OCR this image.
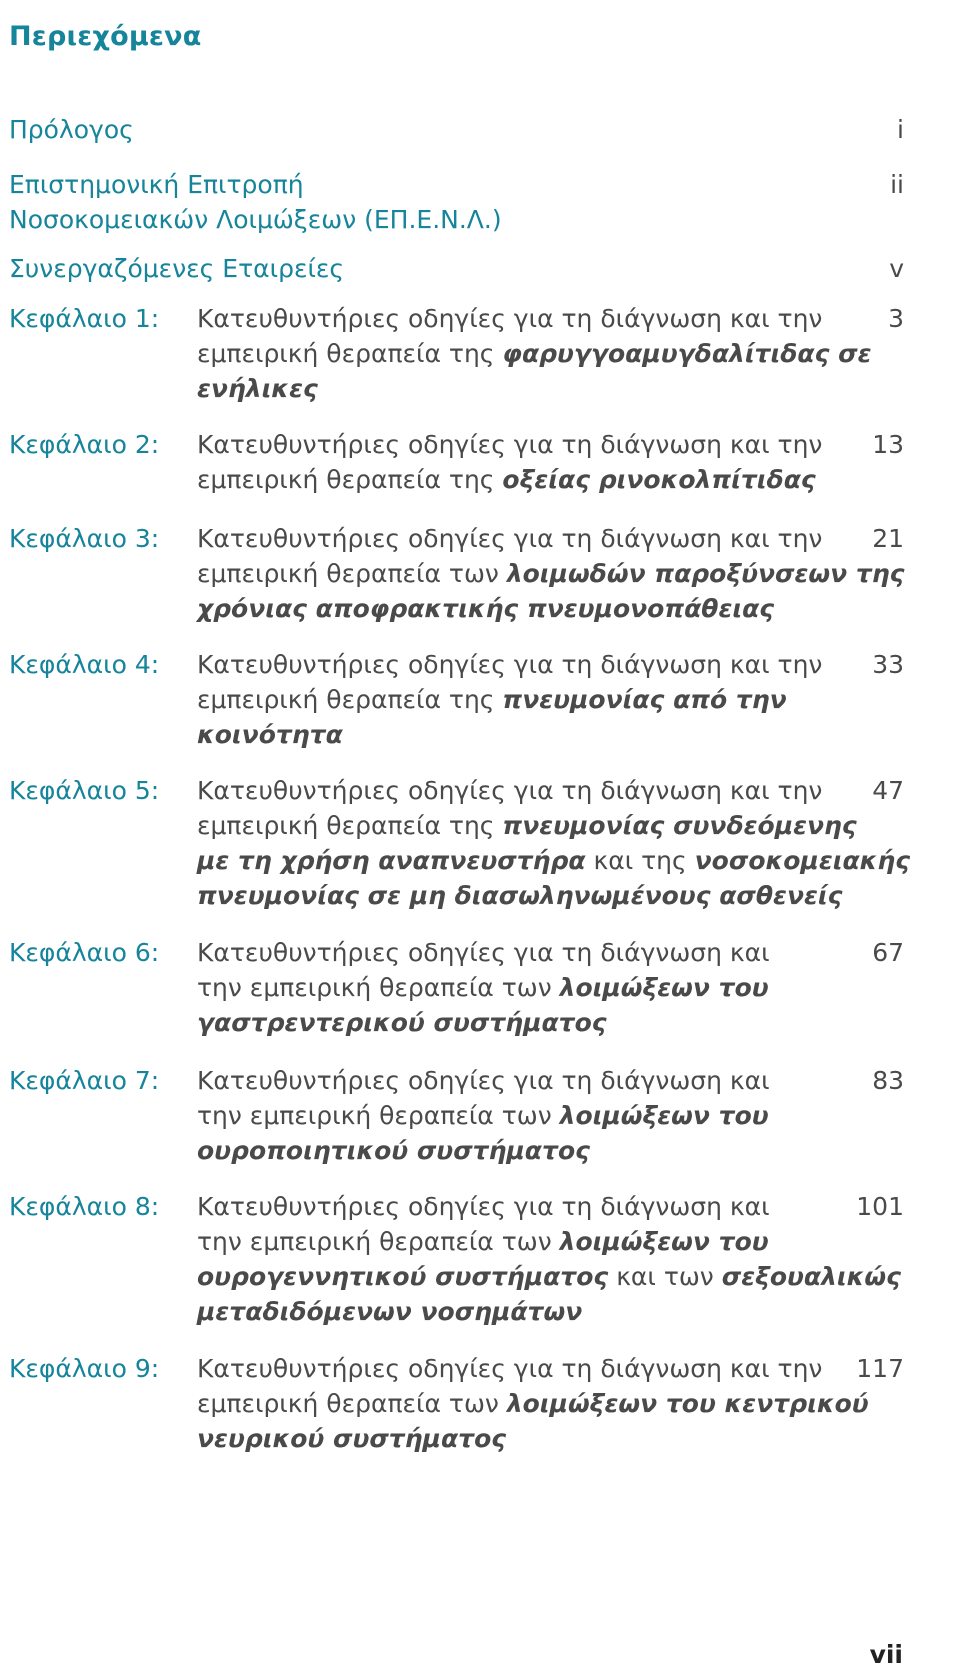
Περιεχόμενα
Πρόλογος	i
Επιστημονική Επιτροπή
Νοσοκομειακών Λοιμώξεων (ΕΠ.Ε.Ν.Λ.)
ii
Συνεργαζόμενες Εταιρείες	v
Κεφάλαιο 1: Κατευθυντήριες οδηγίες για τη διάγνωση και την
εμπειρική θεραπεία της φαρυγγοαμυγδαλίτιδας σε
ενήλικες
3
Κεφάλαιο 2: Κατευθυντήριες οδηγίες για τη διάγνωση και την
εμπειρική θεραπεία της οξείας ρινοκολπίτιδας
13
Κεφάλαιο 3: Κατευθυντήριες οδηγίες για τη διάγνωση και την
εμπειρική θεραπεία των λοιμωδών παροξύνσεων της
χρόνιας αποφρακτικής πνευμονοπάθειας
21
Κεφάλαιο 4: Κατευθυντήριες οδηγίες για τη διάγνωση και την
εμπειρική θεραπεία της πνευμονίας από την
κοινότητα
33
Κεφάλαιο 5: Κατευθυντήριες οδηγίες για τη διάγνωση και την
εμπειρική θεραπεία της πνευμονίας συνδεόμενης
με τη χρήση αναπνευστήρα και της νοσοκομειακής
πνευμονίας σε μη διασωληνωμένους ασθενείς
47
Κεφάλαιο 6: Κατευθυντήριες οδηγίες για τη διάγνωση και
την εμπειρική θεραπεία των λοιμώξεων του
γαστρεντερικού συστήματος
67
Κεφάλαιο 7: Κατευθυντήριες οδηγίες για τη διάγνωση και
την εμπειρική θεραπεία των λοιμώξεων του
ουροποιητικού συστήματος
83
Κεφάλαιο 8: Κατευθυντήριες οδηγίες για τη διάγνωση και
την εμπειρική θεραπεία των λοιμώξεων του
ουρογεννητικού συστήματος και των σεξουαλικώς
μεταδιδόμενων νοσημάτων
101
Κεφάλαιο 9: Κατευθυντήριες οδηγίες για τη διάγνωση και την
εμπειρική θεραπεία των λοιμώξεων του κεντρικού
νευρικού συστήματος
117
vii
